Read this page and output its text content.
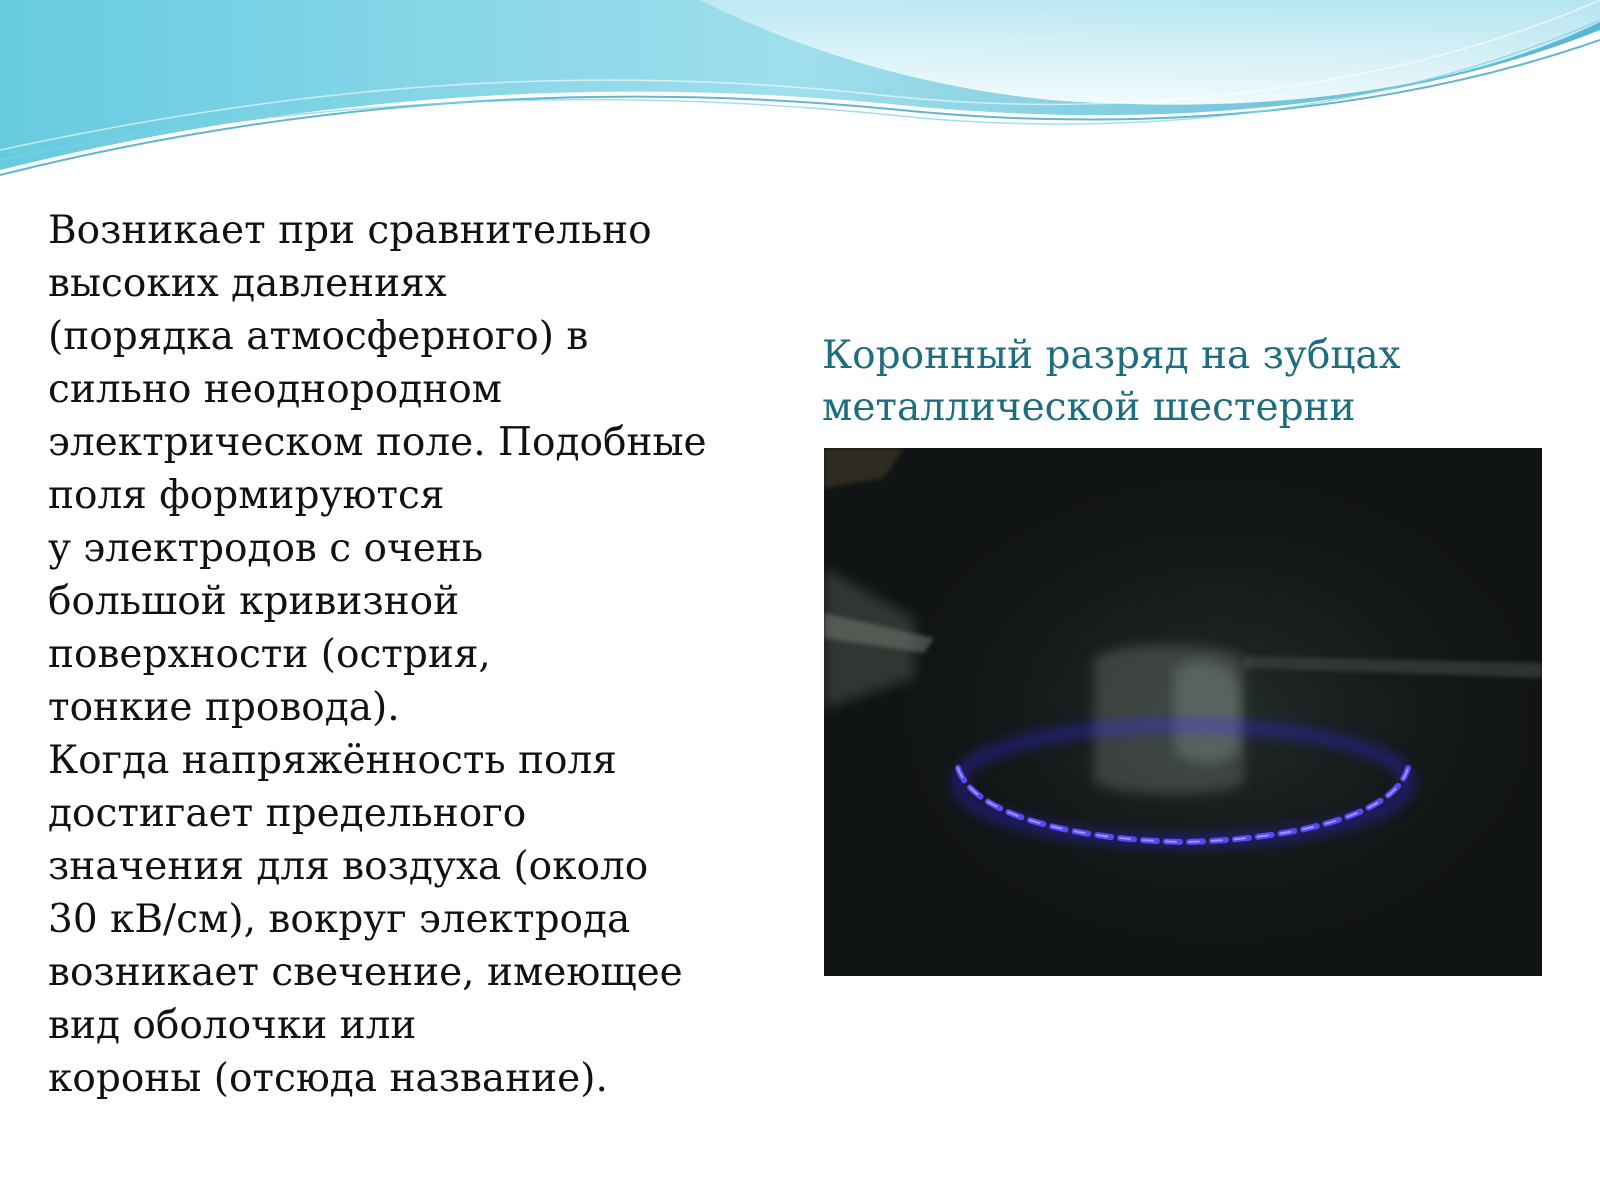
Возникает при сравнительно
высоких давлениях
(порядка атмосферного) в
сильно неоднородном
электрическом поле. Подобные
поля формируются
у электродов с очень
большой кривизной
поверхности (острия,
тонкие провода).
Когда напряжённость поля
достигает предельного
значения для воздуха (около
30 кВ/см), вокруг электрода
возникает свечение, имеющее
вид оболочки или
короны (отсюда название).
Коронный разряд на зубцах
металлической шестерни
